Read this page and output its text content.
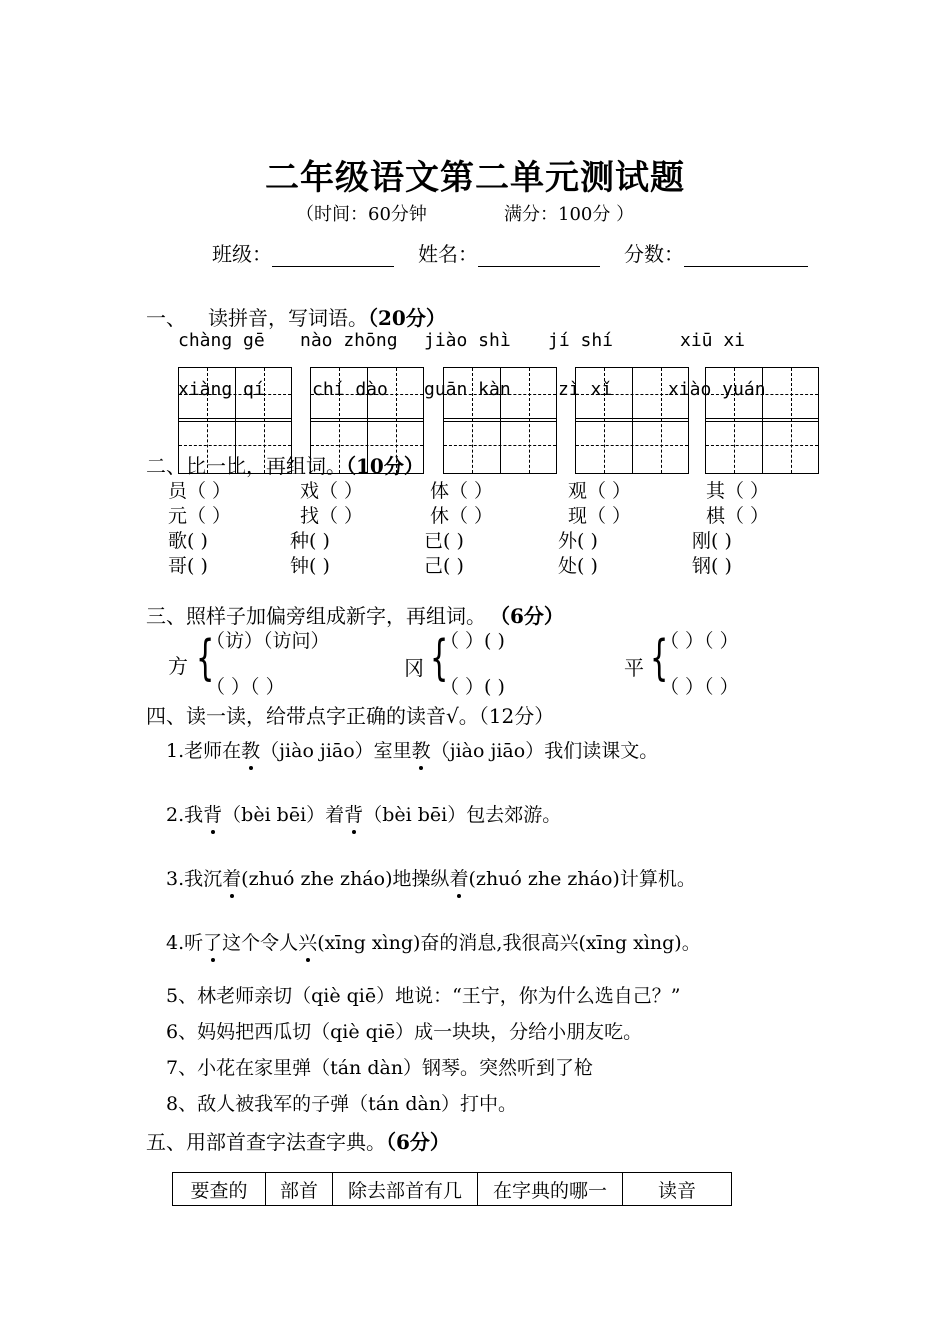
二年级语文第二单元测试题
（时间：60分钟	满分：100分 ）
班级：	姓名：	分数：
一、 读拼音，写词语。（20分）
chàng gē nào zhōng jiào shì jí shí	xiū xi
xiàng qí	chí dào guān kàn	zì xǐ	xiào yuán
二、比一比，再组词。（10分）
员（ ）	戏（ ）	体（ ）	观（ ）	其（ ）
元（ ）	找（ ）	休（ ）	现（ ）	棋（ ）
歌( )	种( )	已( )	外( )	刚( )
哥( )	钟( )	己( )	处( )	钢( )
三、照样子加偏旁组成新字，再组词。 （6分）
方 {
（访）（访问）
（ ）（ ）
冈 {
（ ）( )
（ ）( )
平 {
（ ）（ ）
（ ）（ ）
四、读一读，给带点字正确的读音√。（12分）
1.老师在教（jiào jiāo）室里教（jiào jiāo）我们读课文。
2.我背（bèi bēi）着背（bèi bēi）包去郊游。
3.我沉着(zhuó zhe zháo)地操纵着(zhuó zhe zháo)计算机。
4.听了这个令人兴(xīng xìng)奋的消息,我很高兴(xīng xìng)。
5、林老师亲切（qiè qiē）地说：“王宁，你为什么选自己？”
6、妈妈把西瓜切（qiè qiē）成一块块，分给小朋友吃。
7、小花在家里弹（tán dàn）钢琴。突然听到了枪
8、敌人被我军的子弹（tán dàn）打中。
五、用部首查字法查字典。（6分）
要查的	部首	除去部首有几	在字典的哪一	读音
